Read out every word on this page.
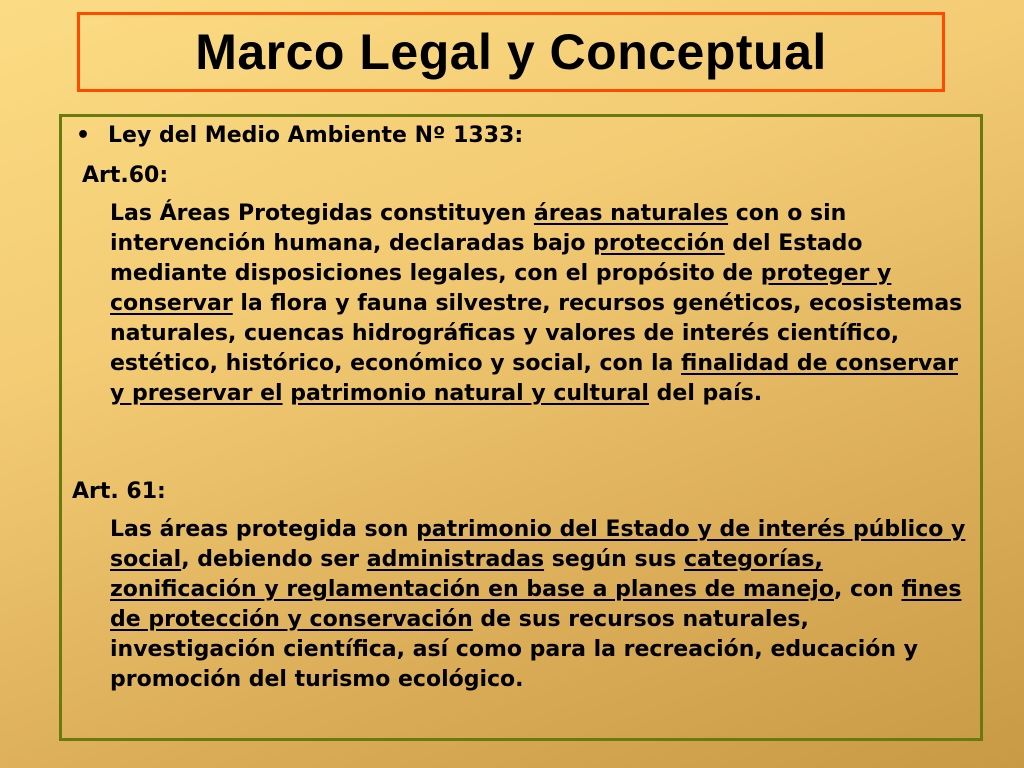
Marco Legal y Conceptual
• Ley del Medio Ambiente Nº 1333:
Art.60:
Las Áreas Protegidas constituyen áreas naturales con o sin intervención humana, declaradas bajo protección del Estado mediante disposiciones legales, con el propósito de proteger y conservar la flora y fauna silvestre, recursos genéticos, ecosistemas naturales, cuencas hidrográficas y valores de interés científico, estético, histórico, económico y social, con la finalidad de conservar y preservar el patrimonio natural y cultural del país.
Art. 61:
Las áreas protegida son patrimonio del Estado y de interés público y social, debiendo ser administradas según sus categorías, zonificación y reglamentación en base a planes de manejo, con fines de protección y conservación de sus recursos naturales, investigación científica, así como para la recreación, educación y promoción del turismo ecológico.
